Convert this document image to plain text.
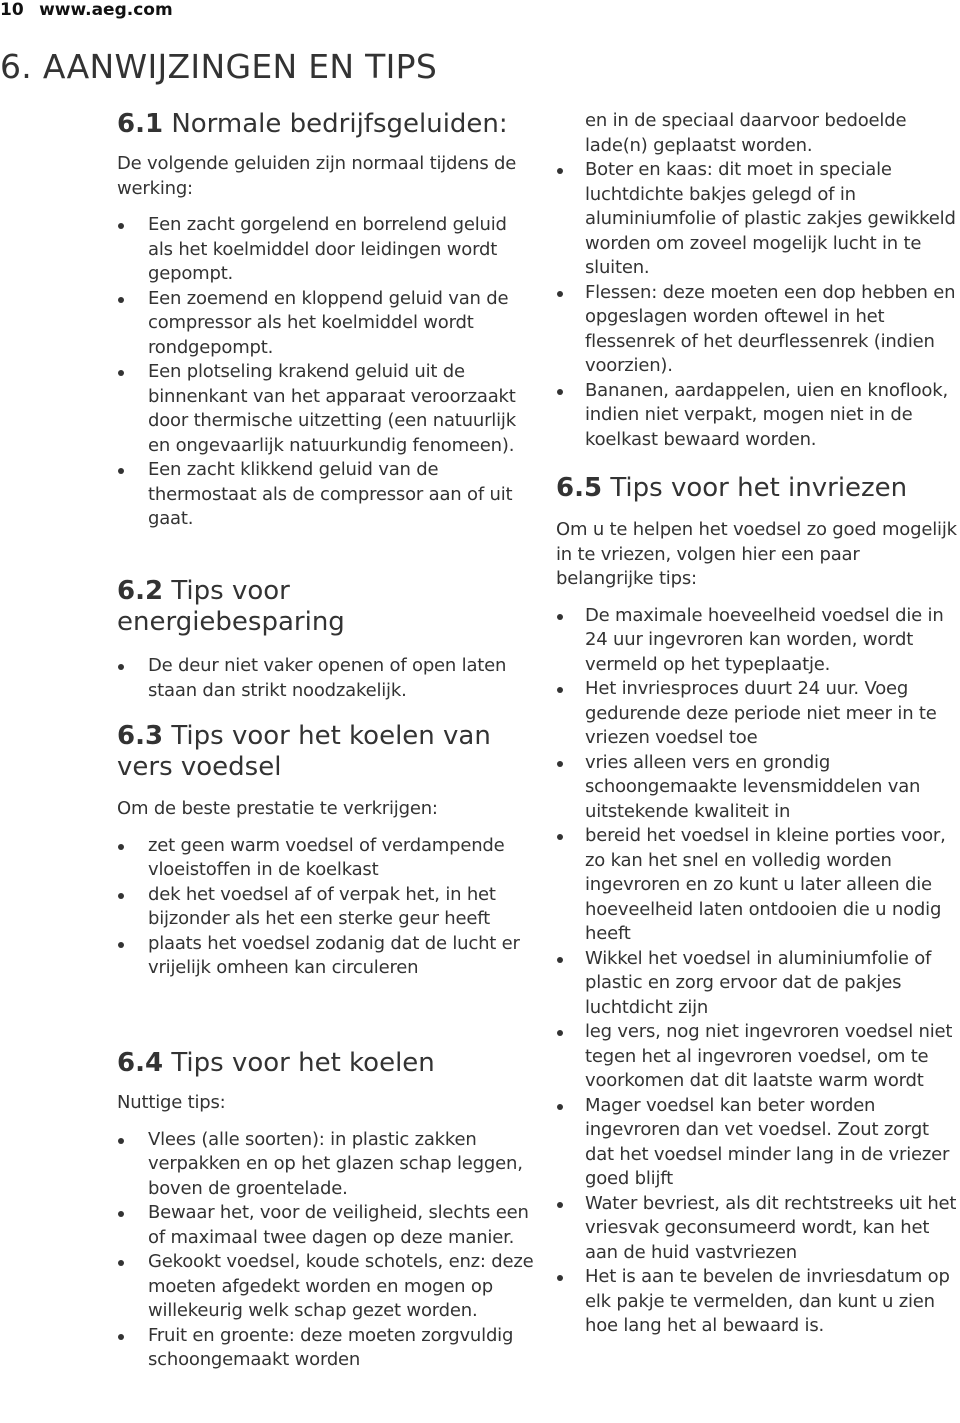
10 www.aeg.com
6. AANWIJZINGEN EN TIPS
6.1 Normale bedrijfsgeluiden:

De volgende geluiden zijn normaal tijdens de werking:

Een zacht gorgelend en borrelend geluid als het koelmiddel door leidingen wordt gepompt.
Een zoemend en kloppend geluid van de compressor als het koelmiddel wordt rondgepompt.
Een plotseling krakend geluid uit de binnenkant van het apparaat veroorzaakt door thermische uitzetting (een natuurlijk en ongevaarlijk natuurkundig fenomeen).
Een zacht klikkend geluid van de thermostaat als de compressor aan of uit gaat.
6.2 Tips voor energiebesparing
De deur niet vaker openen of open laten staan dan strikt noodzakelijk.
6.3 Tips voor het koelen van vers voedsel

Om de beste prestatie te verkrijgen:

zet geen warm voedsel of verdampende vloeistoffen in de koelkast
dek het voedsel af of verpak het, in het bijzonder als het een sterke geur heeft
plaats het voedsel zodanig dat de lucht er vrijelijk omheen kan circuleren
6.4 Tips voor het koelen

Nuttige tips:

Vlees (alle soorten): in plastic zakken verpakken en op het glazen schap leggen, boven de groentelade.
Bewaar het, voor de veiligheid, slechts een of maximaal twee dagen op deze manier.
Gekookt voedsel, koude schotels, enz: deze moeten afgedekt worden en mogen op willekeurig welk schap gezet worden.
Fruit en groente: deze moeten zorgvuldig schoongemaakt worden
en in de speciaal daarvoor bedoelde lade(n) geplaatst worden.
Boter en kaas: dit moet in speciale luchtdichte bakjes gelegd of in aluminiumfolie of plastic zakjes gewikkeld worden om zoveel mogelijk lucht in te sluiten.
Flessen: deze moeten een dop hebben en opgeslagen worden oftewel in het flessenrek of het deurflessenrek (indien voorzien).
Bananen, aardappelen, uien en knoflook, indien niet verpakt, mogen niet in de koelkast bewaard worden.
6.5 Tips voor het invriezen

Om u te helpen het voedsel zo goed mogelijk in te vriezen, volgen hier een paar belangrijke tips:

De maximale hoeveelheid voedsel die in 24 uur ingevroren kan worden, wordt vermeld op het typeplaatje.
Het invriesproces duurt 24 uur. Voeg gedurende deze periode niet meer in te vriezen voedsel toe
vries alleen vers en grondig schoongemaakte levensmiddelen van uitstekende kwaliteit in
bereid het voedsel in kleine porties voor, zo kan het snel en volledig worden ingevroren en zo kunt u later alleen die hoeveelheid laten ontdooien die u nodig heeft
Wikkel het voedsel in aluminiumfolie of plastic en zorg ervoor dat de pakjes luchtdicht zijn
leg vers, nog niet ingevroren voedsel niet tegen het al ingevroren voedsel, om te voorkomen dat dit laatste warm wordt
Mager voedsel kan beter worden ingevroren dan vet voedsel. Zout zorgt dat het voedsel minder lang in de vriezer goed blijft
Water bevriest, als dit rechtstreeks uit het vriesvak geconsumeerd wordt, kan het aan de huid vastvriezen
Het is aan te bevelen de invriesdatum op elk pakje te vermelden, dan kunt u zien hoe lang het al bewaard is.
